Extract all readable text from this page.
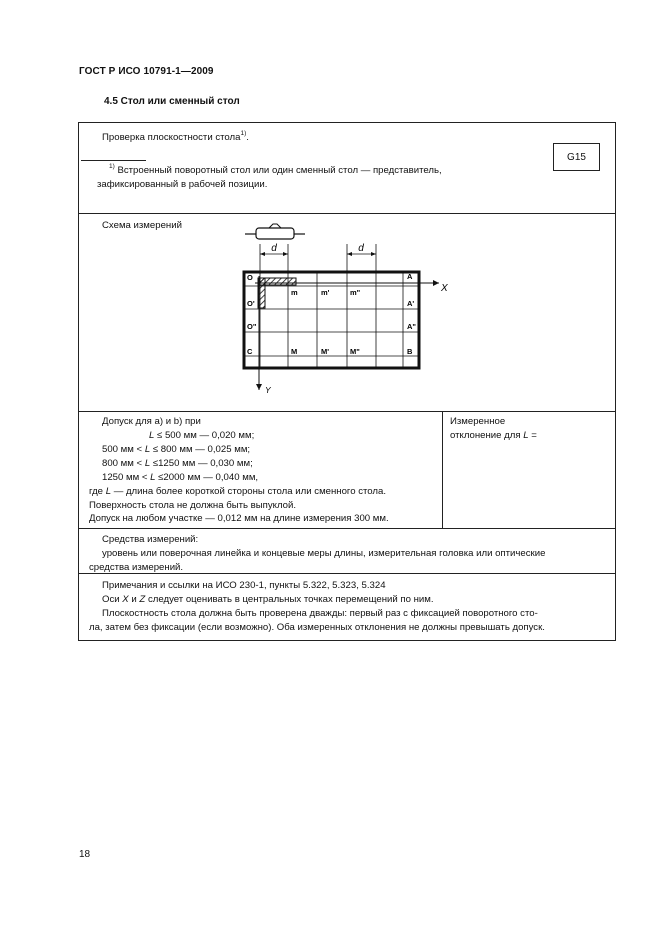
ГОСТ Р ИСО 10791-1—2009
4.5 Стол или сменный стол
Проверка плоскостности стола$^{1)}$.
G15
$^{1)}$ Встроенный поворотный стол или один сменный стол — представитель,
зафиксированный в рабочей позиции.
Схема измерений
d	d
X
Y
O	A
m	m'	m"
A'
O'
O"	A"
C	M	M'	M"	B
Допуск для а) и b) при
L ≤ 500 мм — 0,020 мм;
500 мм < L ≤ 800 мм — 0,025 мм;
800 мм < L ≤1250 мм — 0,030 мм;
1250 мм < L ≤2000 мм — 0,040 мм,
где L — длина более короткой стороны стола или сменного стола.
Поверхность стола не должна быть выпуклой.
Допуск на любом участке — 0,012 мм на длине измерения 300 мм.
Измеренное
отклонение для L =
Средства измерений:
уровень или поверочная линейка и концевые меры длины, измерительная головка или оптические
средства измерений.
Примечания и ссылки на ИСО 230-1, пункты 5.322, 5.323, 5.324
Оси X и Z следует оценивать в центральных точках перемещений по ним.
Плоскостность стола должна быть проверена дважды: первый раз с фиксацией поворотного сто-
ла, затем без фиксации (если возможно). Оба измеренных отклонения не должны превышать допуск.
18
